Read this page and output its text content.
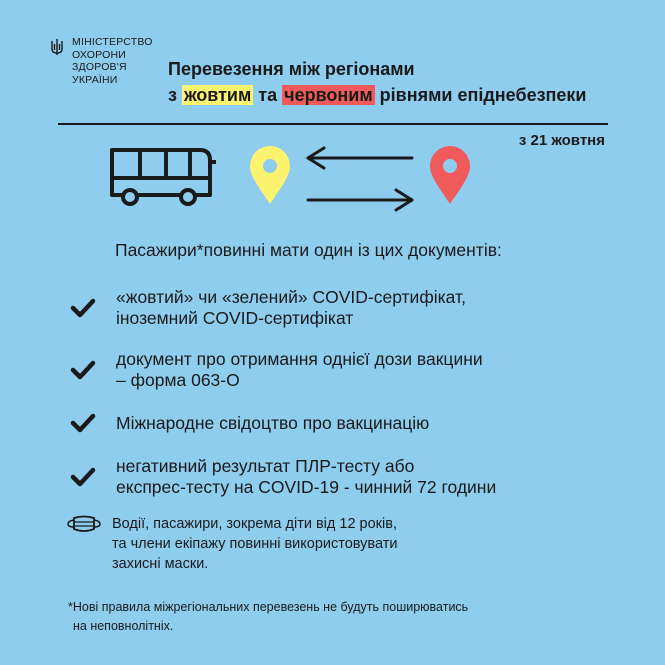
МІНІСТЕРСТВО
ОХОРОНИ
ЗДОРОВ'Я
УКРАЇНИ
Перевезення між регіонами
з жовтим та червоним рівнями епіднебезпеки
з 21 жовтня
Пасажири*повинні мати один із цих документів:
«жовтий» чи «зелений» COVID-сертифікат,
іноземний COVID-сертифікат
документ про отримання однієї дози вакцини
– форма 063-О
Міжнародне свідоцтво про вакцинацію
негативний результат ПЛР-тесту або
експрес-тесту на COVID-19 - чинний 72 години
Водії, пасажири, зокрема діти від 12 років,
та члени екіпажу повинні використовувати
захисні маски.
*Нові правила міжрегіональних перевезень не будуть поширюватись
на неповнолітніх.
